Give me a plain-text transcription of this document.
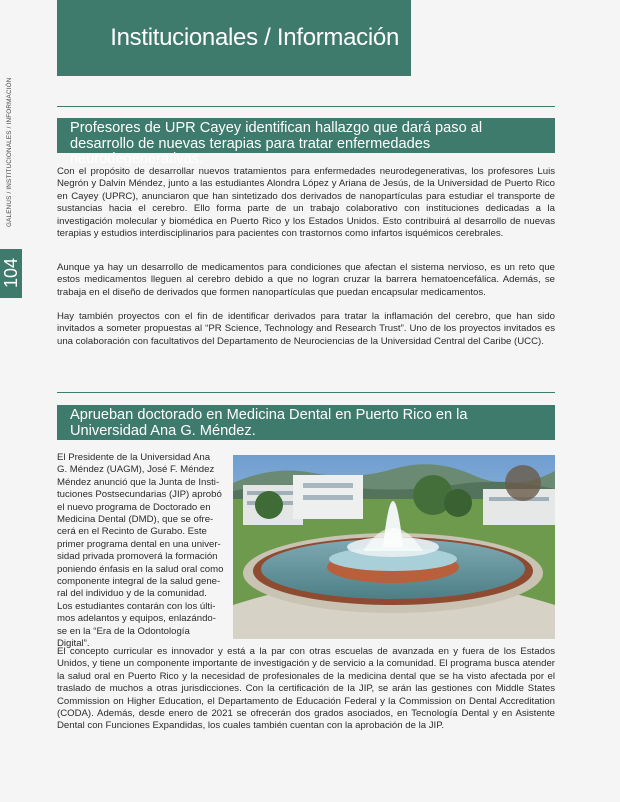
Institucionales / Información
104
GALENUS / INSTITUCIONALES / INFORMACIÓN	Profesores de UPR Cayey identifican hallazgo que dará paso al desarrollo de nuevas terapias para tratar enfermedades neurodegenerativas.

Con el propósito de desarrollar nuevos tratamientos para enfermedades neurodegenerativas, los profesores Luis Negrón y Dalvin Méndez, junto a las estudiantes Alondra López y Ariana de Jesús, de la Universidad de Puerto Rico en Cayey (UPRC), anunciaron que han sintetizado dos derivados de nanopartículas para estudiar el transporte de sustancias hacia el cerebro. Ello forma parte de un trabajo colaborativo con instituciones dedicadas a la investigación molecular y biomédica en Puerto Rico y los Estados Unidos. Esto contribuirá al desarrollo de nuevas terapias y estudios interdisciplinarios para pacientes con trastornos como infartos isquémicos cerebrales.

Aunque ya hay un desarrollo de medicamentos para condiciones que afectan el sistema nervioso, es un reto que estos medicamentos lleguen al cerebro debido a que no logran cruzar la barrera hematoencefálica. Además, se trabaja en el diseño de derivados que formen nanopartículas que puedan encapsular medicamentos.

Hay también proyectos con el fin de identificar derivados para tratar la inflamación del cerebro, que han sido invitados a someter propuestas al “PR Science, Technology and Research Trust”. Uno de los proyectos invitados es una colaboración con facultativos del Departamento de Neurociencias de la Universidad Central del Caribe (UCC).

Aprueban doctorado en Medicina Dental en Puerto Rico en la Universidad Ana G. Méndez.
El Presidente de la Universidad Ana
G. Méndez (UAGM), José F. Méndez
Méndez anunció que la Junta de Insti-
tuciones Postsecundarias (JIP) aprobó
el nuevo programa de Doctorado en
Medicina Dental (DMD), que se ofre-
cerá en el Recinto de Gurabo. Este
primer programa dental en una univer-
sidad privada promoverá la formación
poniendo énfasis en la salud oral como
componente integral de la salud gene-
ral del individuo y de la comunidad.
Los estudiantes contarán con los últi-
mos adelantos y equipos, enlazándo-
se en la “Era de la Odontología Digital”.

El concepto curricular es innovador y está a la par con otras escuelas de avanzada en y fuera de los Estados Unidos, y tiene un componente importante de investigación y de servicio a la comunidad. El programa busca atender la salud oral en Puerto Rico y la necesidad de profesionales de la medicina dental que se ha visto afectada por el traslado de muchos a otras jurisdicciones. Con la certificación de la JIP, se arán las gestiones con Middle States Commission on Higher Education, el Departamento de Educación Federal y la Commission on Dental Accreditation (CODA). Además, desde enero de 2021 se ofrecerán dos grados asociados, en Tecnología Dental y en Asistente Dental con Funciones Expandidas, los cuales también cuentan con la aprobación de la JIP.
